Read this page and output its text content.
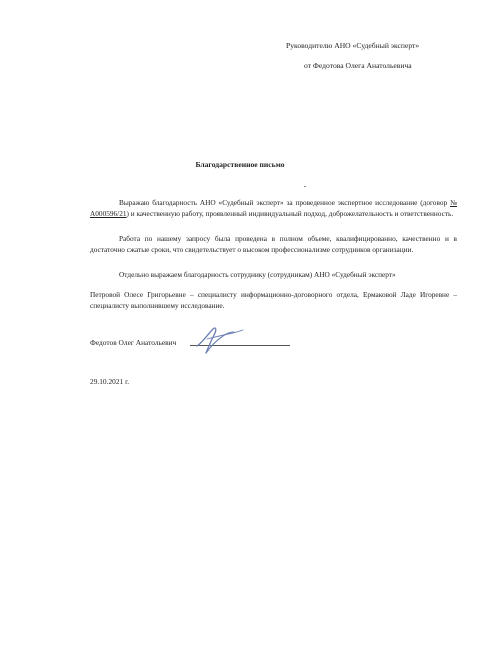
Руководителю АНО «Судебный эксперт»
от Федотова Олега Анатольевича
Благодарственное письмо

Выражаю благодарность АНО «Судебный эксперт» за проведенное экспертное исследование (договор № А000596/21) и качественную работу, проявленный индивидуальный подход, доброжелательность и ответственность.

Работа по нашему запросу была проведена в полном объеме, квалифицированно, качественно и в достаточно сжатые сроки, что свидетельствует о высоком профессионализме сотрудников организации.

Отдельно выражаем благодарность сотруднику (сотрудникам) АНО «Судебный эксперт»

Петровой Олесе Григорьевне – специалисту информационно-договорного отдела, Ермаковой Ладе Игоревне – специалисту выполнившему исследование.

Федотов Олег Анатольевич
29.10.2021 г.
